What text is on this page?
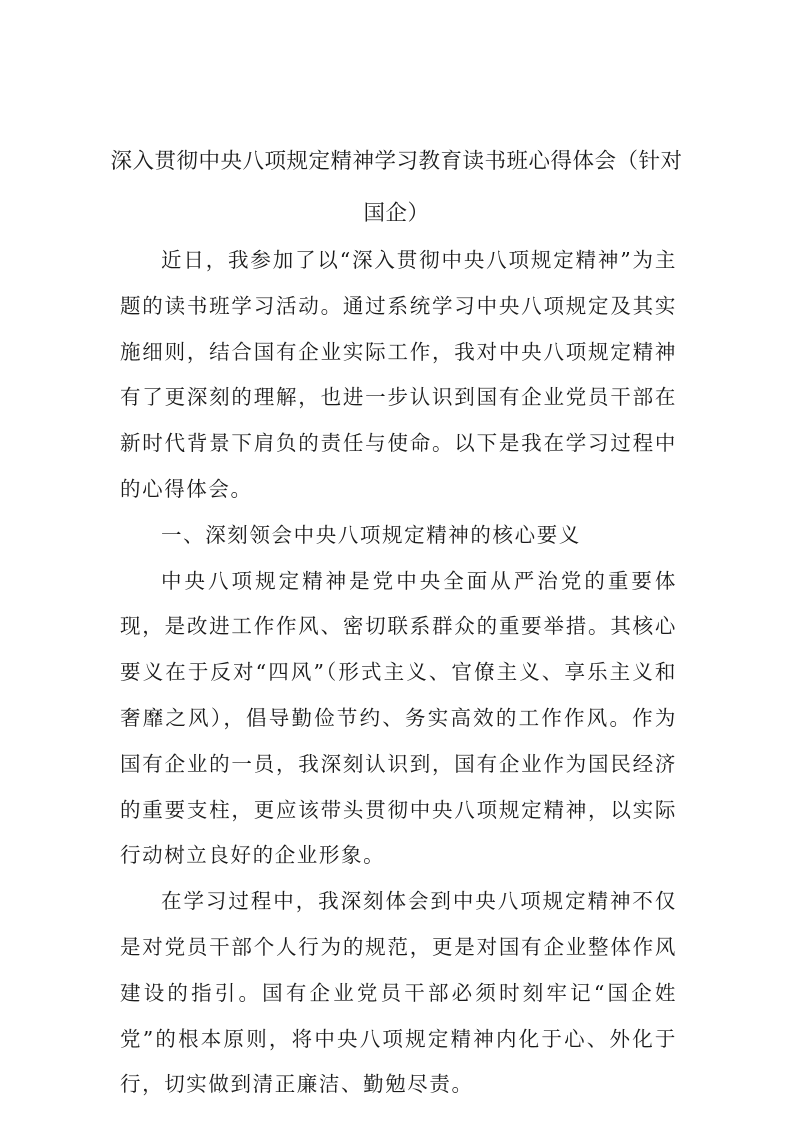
深入贯彻中央八项规定精神学习教育读书班心得体会（针对国企）

近日，我参加了以“深入贯彻中央八项规定精神”为主题的读书班学习活动。通过系统学习中央八项规定及其实施细则，结合国有企业实际工作，我对中央八项规定精神有了更深刻的理解，也进一步认识到国有企业党员干部在新时代背景下肩负的责任与使命。以下是我在学习过程中的心得体会。

一、深刻领会中央八项规定精神的核心要义

中央八项规定精神是党中央全面从严治党的重要体现，是改进工作作风、密切联系群众的重要举措。其核心要义在于反对“四风”（形式主义、官僚主义、享乐主义和奢靡之风），倡导勤俭节约、务实高效的工作作风。作为国有企业的一员，我深刻认识到，国有企业作为国民经济的重要支柱，更应该带头贯彻中央八项规定精神，以实际行动树立良好的企业形象。

在学习过程中，我深刻体会到中央八项规定精神不仅是对党员干部个人行为的规范，更是对国有企业整体作风建设的指引。国有企业党员干部必须时刻牢记“国企姓党”的根本原则，将中央八项规定精神内化于心、外化于行，切实做到清正廉洁、勤勉尽责。
